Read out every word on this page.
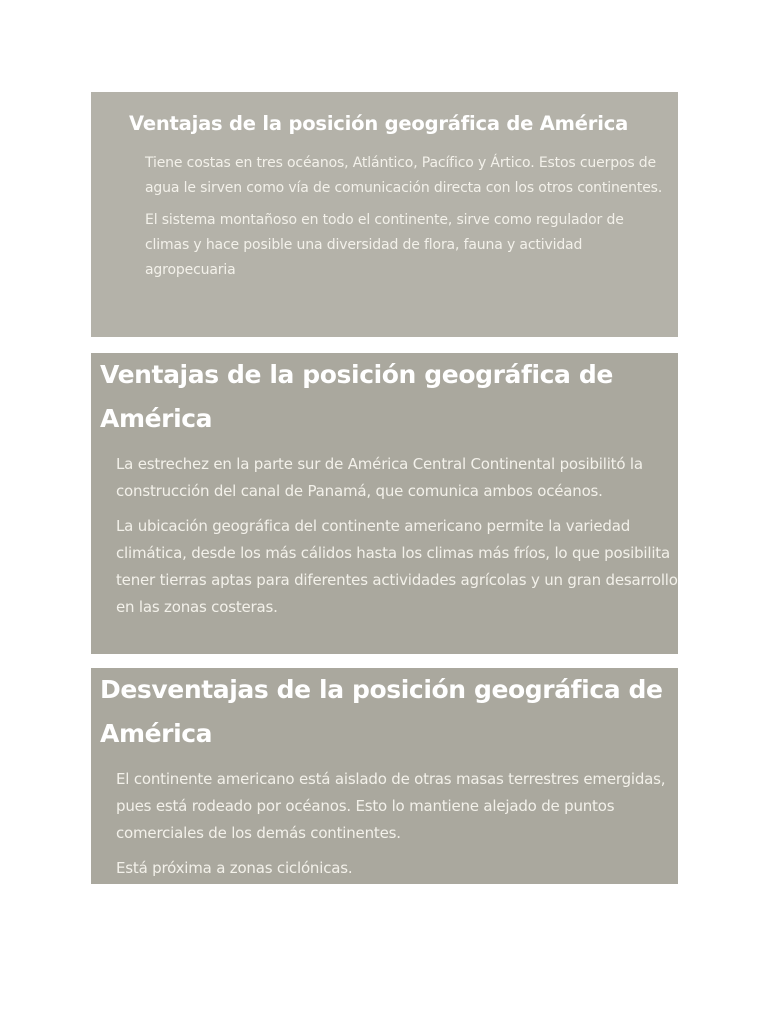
Ventajas de la posición geográfica de América

Tiene costas en tres océanos, Atlántico, Pacífico y Ártico. Estos cuerpos de agua le sirven como vía de comunicación directa con los otros continentes.

El sistema montañoso en todo el continente, sirve como regulador de climas y hace posible una diversidad de flora, fauna y actividad agropecuaria

Ventajas de la posición geográfica de América

La estrechez en la parte sur de América Central Continental posibilitó la construcción del canal de Panamá, que comunica ambos océanos.

La ubicación geográfica del continente americano permite la variedad climática, desde los más cálidos hasta los climas más fríos, lo que posibilita tener tierras aptas para diferentes actividades agrícolas y un gran desarrollo en las zonas costeras.

Desventajas de la posición geográfica de América

El continente americano está aislado de otras masas terrestres emergidas, pues está rodeado por océanos. Esto lo mantiene alejado de puntos comerciales de los demás continentes.

Está próxima a zonas ciclónicas.
